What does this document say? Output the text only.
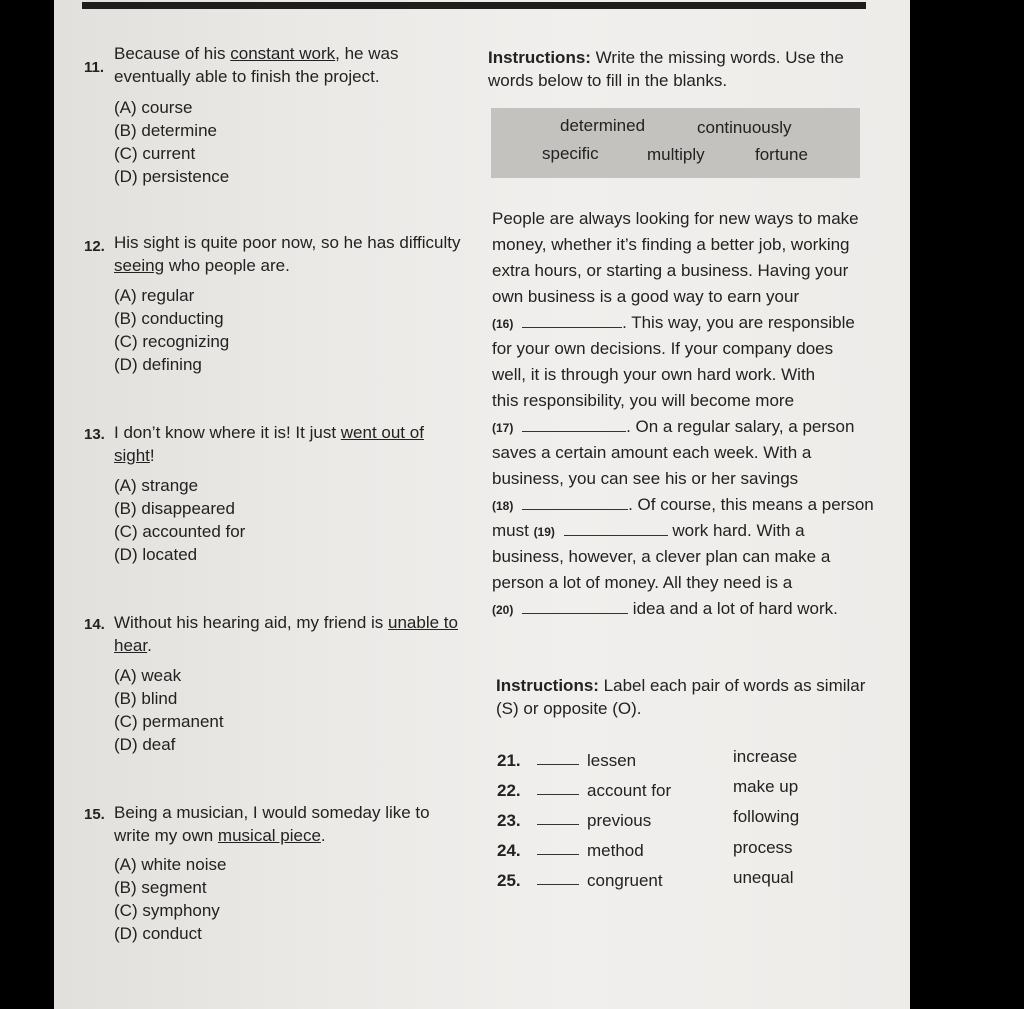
11.
Because of his constant work, he was eventually able to finish the project.
(A) course
(B) determine
(C) current
(D) persistence
12. His sight is quite poor now, so he has difficulty seeing who people are.
(A) regular
(B) conducting
(C) recognizing
(D) defining
13. I don’t know where it is! It just went out of sight!
(A) strange
(B) disappeared
(C) accounted for
(D) located
14. Without his hearing aid, my friend is unable to hear.
(A) weak
(B) blind
(C) permanent
(D) deaf
15. Being a musician, I would someday like to write my own musical piece.
(A) white noise
(B) segment
(C) symphony
(D) conduct
Instructions: Write the missing words. Use the words below to fill in the blanks.
determined	continuously
specific	multiply	fortune
People are always looking for new ways to make
money, whether it’s finding a better job, working
extra hours, or starting a business. Having your
own business is a good way to earn your
(16)	. This way, you are responsible
for your own decisions. If your company does
well, it is through your own hard work. With
this responsibility, you will become more
(17)	. On a regular salary, a person
saves a certain amount each week. With a
business, you can see his or her savings
(18)	. Of course, this means a person
must (19)	work hard. With a
business, however, a clever plan can make a
person a lot of money. All they need is a
(20)	idea and a lot of hard work.
Instructions: Label each pair of words as similar (S) or opposite (O).
21.	lessen	increase
22.	account for	make up
23.	previous	following
24.	method	process
25.	congruent	unequal
